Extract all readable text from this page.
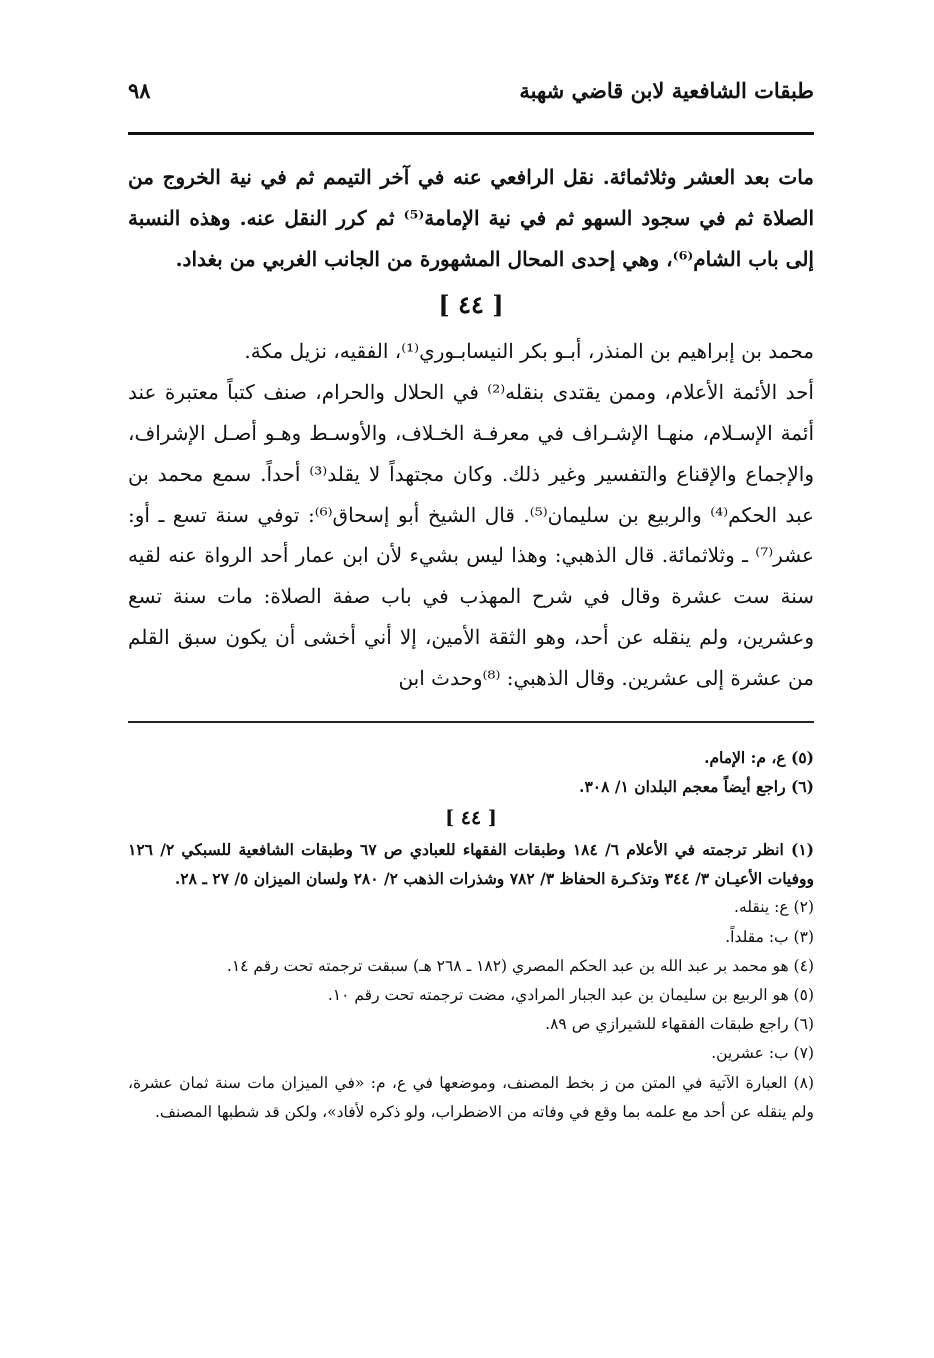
طبقات الشافعية لابن قاضي شهبة
٩٨

مات بعد العشر وثلاثمائة. نقل الرافعي عنه في آخر التيمم ثم في نية الخروج من الصلاة ثم في سجود السهو ثم في نية الإمامة⁽⁵⁾ ثم كرر النقل عنه. وهذه النسبة إلى باب الشام⁽⁶⁾، وهي إحدى المحال المشهورة من الجانب الغربي من بغداد.

[ ٤٤ ]

محمد بن إبراهيم بن المنذر، أبـو بكر النيسابـوري⁽¹⁾، الفقيه، نزيل مكة.

أحد الأئمة الأعلام، وممن يقتدى بنقله⁽²⁾ في الحلال والحرام، صنف كتباً معتبرة عند أئمة الإسـلام، منهـا الإشـراف في معرفـة الخـلاف، والأوسـط وهـو أصـل الإشراف، والإجماع والإقناع والتفسير وغير ذلك. وكان مجتهداً لا يقلد⁽³⁾ أحداً. سمع محمد بن عبد الحكم⁽⁴⁾ والربيع بن سليمان⁽⁵⁾. قال الشيخ أبو إسحاق⁽⁶⁾: توفي سنة تسع ـ أو: عشر⁽⁷⁾ ـ وثلاثمائة. قال الذهبي: وهذا ليس بشيء لأن ابن عمار أحد الرواة عنه لقيه سنة ست عشرة وقال في شرح المهذب في باب صفة الصلاة: مات سنة تسع وعشرين، ولم ينقله عن أحد، وهو الثقة الأمين، إلا أني أخشى أن يكون سبق القلم من عشرة إلى عشرين. وقال الذهبي: ⁽⁸⁾وحدث ابن

(٥) ع، م: الإمام.

(٦) راجع أيضاً معجم البلدان ١/ ٣٠٨.

[ ٤٤ ]

(١) انظر ترجمته في الأعلام ٦/ ١٨٤ وطبقات الفقهاء للعبادي ص ٦٧ وطبقات الشافعية للسبكي ٢/ ١٢٦ ووفيات الأعيـان ٣/ ٣٤٤ وتذكـرة الحفاظ ٣/ ٧٨٢ وشذرات الذهب ٢/ ٢٨٠ ولسان الميزان ٥/ ٢٧ ـ ٢٨.

(٢) ع: ينقله.

(٣) ب: مقلداً.

(٤) هو محمد بر عبد الله بن عبد الحكم المصري (١٨٢ ـ ٢٦٨ هـ) سبقت ترجمته تحت رقم ١٤.

(٥) هو الربيع بن سليمان بن عبد الجبار المرادي، مضت ترجمته تحت رقم ١٠.

(٦) راجع طبقات الفقهاء للشيرازي ص ٨٩.

(٧) ب: عشرين.

(٨) العبارة الآتية في المتن من ز بخط المصنف، وموضعها في ع، م: «في الميزان مات سنة ثمان عشرة، ولم ينقله عن أحد مع علمه بما وقع في وفاته من الاضطراب، ولو ذكره لأفاد»، ولكن قد شطبها المصنف.
